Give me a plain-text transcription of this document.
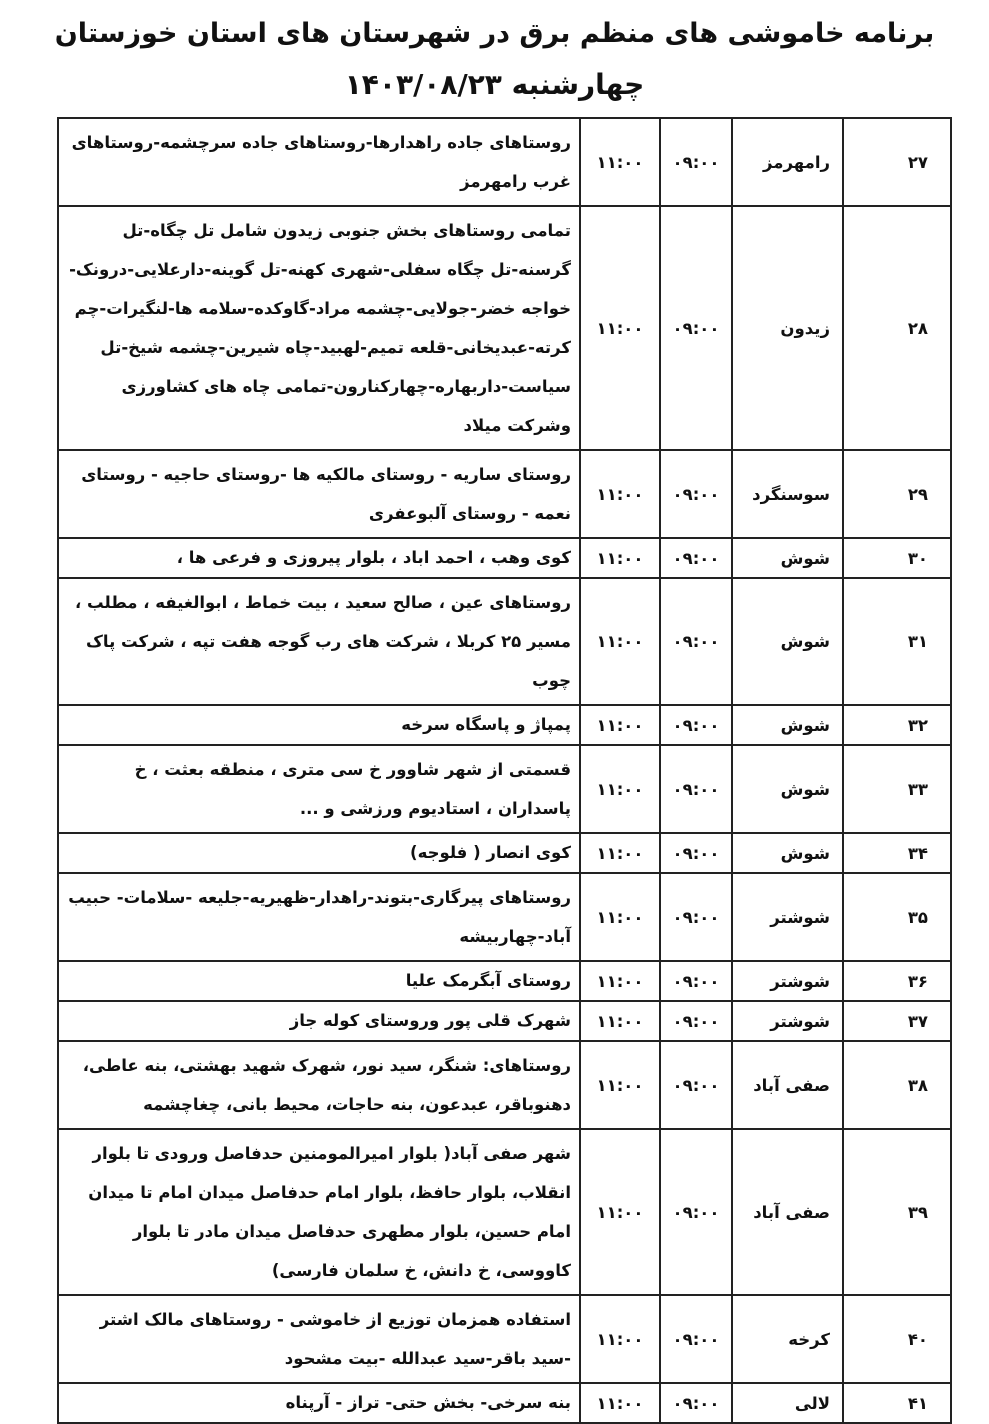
برنامه خاموشی های منظم برق در شهرستان های استان خوزستان
چهارشنبه ۱۴۰۳/۰۸/۲۳
۲۷	رامهرمز	۰۹:۰۰	۱۱:۰۰	روستاهای جاده راهدارها-روستاهای جاده سرچشمه-روستاهای غرب رامهرمز
۲۸	زیدون	۰۹:۰۰	۱۱:۰۰	تمامی روستاهای بخش جنوبی زیدون شامل تل چگاه-تل گرسنه-تل چگاه سفلی-شهری کهنه-تل گوینه-دارعلایی-درونک-خواجه خضر-جولایی-چشمه مراد-گاوکده-سلامه ها-لنگیرات-چم کرته-عبدیخانی-قلعه تمیم-لهبید-چاه شیرین-چشمه شیخ-تل سیاست-داربهاره-چهارکنارون-تمامی چاه های کشاورزی وشرکت میلاد
۲۹	سوسنگرد	۰۹:۰۰	۱۱:۰۰	روستای ساریه - روستای مالکیه ها -روستای حاجیه - روستای نعمه - روستای آلبوعفری
۳۰	شوش	۰۹:۰۰	۱۱:۰۰	کوی وهب ، احمد اباد ، بلوار پیروزی و فرعی ها ،
۳۱	شوش	۰۹:۰۰	۱۱:۰۰	روستاهای عین ، صالح سعید ، بیت خماط ، ابوالغیفه ، مطلب ، مسیر ۲۵ کربلا ، شرکت های رب گوجه هفت تپه ، شرکت پاک چوب
۳۲	شوش	۰۹:۰۰	۱۱:۰۰	پمپاژ و پاسگاه سرخه
۳۳	شوش	۰۹:۰۰	۱۱:۰۰	قسمتی از شهر شاوور خ سی متری ، منطقه بعثت ، خ پاسداران ، استادیوم ورزشی و ...
۳۴	شوش	۰۹:۰۰	۱۱:۰۰	کوی انصار ( فلوجه)
۳۵	شوشتر	۰۹:۰۰	۱۱:۰۰	روستاهای پیرگاری-بتوند-راهدار-ظهیریه-جلیعه -سلامات- حبیب آباد-چهاربیشه
۳۶	شوشتر	۰۹:۰۰	۱۱:۰۰	روستای آبگرمک علیا
۳۷	شوشتر	۰۹:۰۰	۱۱:۰۰	شهرک قلی پور وروستای کوله جاز
۳۸	صفی آباد	۰۹:۰۰	۱۱:۰۰	روستاهای: شنگر، سید نور، شهرک شهید بهشتی، بنه عاطی، دهنوباقر، عبدعون، بنه حاجات، محیط بانی، چغاچشمه
۳۹	صفی آباد	۰۹:۰۰	۱۱:۰۰	شهر صفی آباد( بلوار امیرالمومنین حدفاصل ورودی تا بلوار انقلاب، بلوار حافظ، بلوار امام حدفاصل میدان امام تا میدان امام حسین، بلوار مطهری حدفاصل میدان مادر تا بلوار کاووسی، خ دانش، خ سلمان فارسی)
۴۰	کرخه	۰۹:۰۰	۱۱:۰۰	استفاده همزمان توزیع از خاموشی - روستاهای مالک اشتر -سید باقر-سید عبدالله -بیت مشحود
۴۱	لالی	۰۹:۰۰	۱۱:۰۰	بنه سرخی- بخش حتی- تراز - آرپناه
